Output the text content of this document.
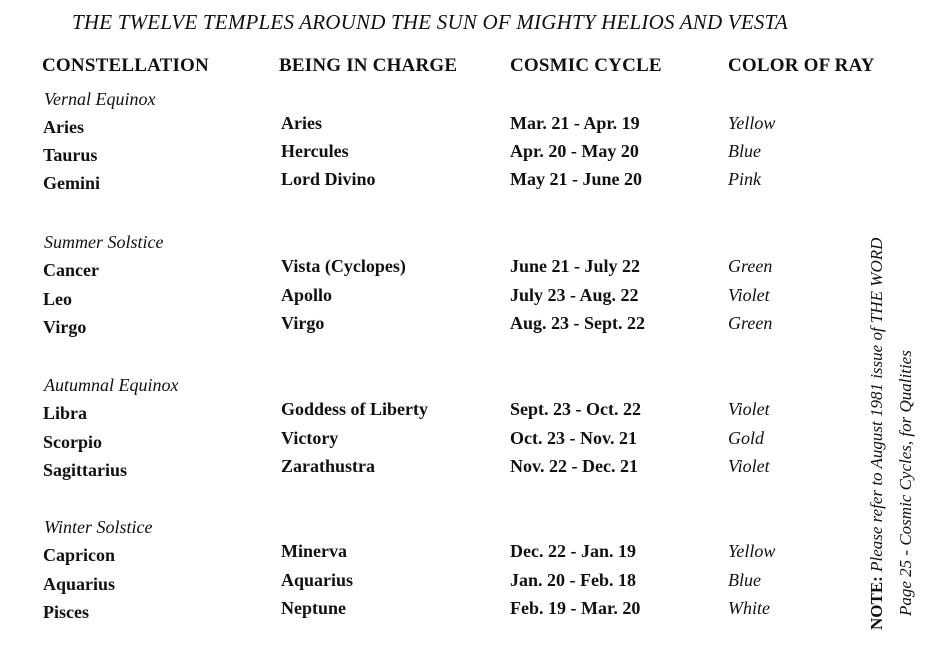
THE TWELVE TEMPLES AROUND THE SUN OF MIGHTY HELIOS AND VESTA
CONSTELLATION	BEING IN CHARGE	COSMIC CYCLE	COLOR OF RAY
Vernal Equinox
Aries	Aries	Mar. 21 - Apr. 19	Yellow
Taurus	Hercules	Apr. 20 - May 20	Blue
Gemini	Lord Divino	May 21 - June 20	Pink
Summer Solstice
Cancer	Vista (Cyclopes)	June 21 - July 22	Green
Leo	Apollo	July 23 - Aug. 22	Violet
Virgo	Virgo	Aug. 23 - Sept. 22	Green
Autumnal Equinox
Libra	Goddess of Liberty	Sept. 23 - Oct. 22	Violet
Scorpio	Victory	Oct. 23 - Nov. 21	Gold
Sagittarius	Zarathustra	Nov. 22 - Dec. 21	Violet
Winter Solstice
Capricon	Minerva	Dec. 22 - Jan. 19	Yellow
Aquarius	Aquarius	Jan. 20 - Feb. 18	Blue
Pisces	Neptune	Feb. 19 - Mar. 20	White	NOTE: Please refer to August 1981 issue of THE WORD Page 25 - Cosmic Cycles, for Qualities
